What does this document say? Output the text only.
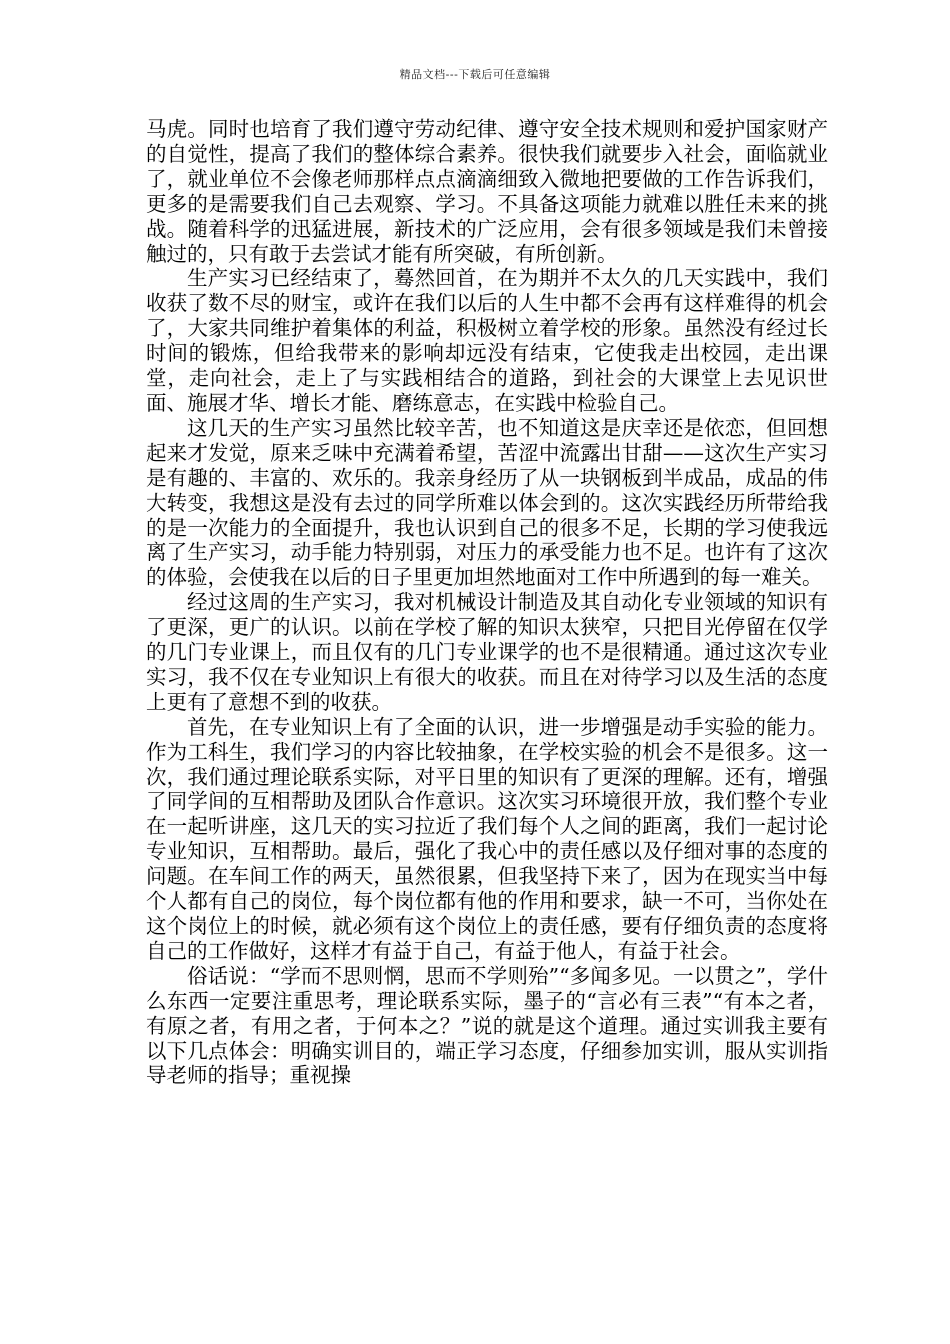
精品文档---下载后可任意编辑

马虎。同时也培育了我们遵守劳动纪律、遵守安全技术规则和爱护国家财产的自觉性，提高了我们的整体综合素养。很快我们就要步入社会，面临就业了，就业单位不会像老师那样点点滴滴细致入微地把要做的工作告诉我们，更多的是需要我们自己去观察、学习。不具备这项能力就难以胜任未来的挑战。随着科学的迅猛进展，新技术的广泛应用，会有很多领域是我们未曾接触过的，只有敢于去尝试才能有所突破，有所创新。

生产实习已经结束了，蓦然回首，在为期并不太久的几天实践中，我们收获了数不尽的财宝，或许在我们以后的人生中都不会再有这样难得的机会了，大家共同维护着集体的利益，积极树立着学校的形象。虽然没有经过长时间的锻炼，但给我带来的影响却远没有结束，它使我走出校园，走出课堂，走向社会，走上了与实践相结合的道路，到社会的大课堂上去见识世面、施展才华、增长才能、磨练意志，在实践中检验自己。

这几天的生产实习虽然比较辛苦，也不知道这是庆幸还是依恋，但回想起来才发觉，原来乏味中充满着希望，苦涩中流露出甘甜——这次生产实习是有趣的、丰富的、欢乐的。我亲身经历了从一块钢板到半成品，成品的伟大转变，我想这是没有去过的同学所难以体会到的。这次实践经历所带给我的是一次能力的全面提升，我也认识到自己的很多不足，长期的学习使我远离了生产实习，动手能力特别弱，对压力的承受能力也不足。也许有了这次的体验，会使我在以后的日子里更加坦然地面对工作中所遇到的每一难关。

经过这周的生产实习，我对机械设计制造及其自动化专业领域的知识有了更深，更广的认识。以前在学校了解的知识太狭窄，只把目光停留在仅学的几门专业课上，而且仅有的几门专业课学的也不是很精通。通过这次专业实习，我不仅在专业知识上有很大的收获。而且在对待学习以及生活的态度上更有了意想不到的收获。

首先，在专业知识上有了全面的认识，进一步增强是动手实验的能力。作为工科生，我们学习的内容比较抽象，在学校实验的机会不是很多。这一次，我们通过理论联系实际，对平日里的知识有了更深的理解。还有，增强了同学间的互相帮助及团队合作意识。这次实习环境很开放，我们整个专业在一起听讲座，这几天的实习拉近了我们每个人之间的距离，我们一起讨论专业知识，互相帮助。最后，强化了我心中的责任感以及仔细对事的态度的问题。在车间工作的两天，虽然很累，但我坚持下来了，因为在现实当中每个人都有自己的岗位，每个岗位都有他的作用和要求，缺一不可，当你处在这个岗位上的时候，就必须有这个岗位上的责任感，要有仔细负责的态度将自己的工作做好，这样才有益于自己，有益于他人，有益于社会。

俗话说：“学而不思则惘，思而不学则殆”“多闻多见。一以贯之”，学什么东西一定要注重思考，理论联系实际，墨子的“言必有三表”“有本之者，有原之者，有用之者，于何本之？”说的就是这个道理。通过实训我主要有以下几点体会：明确实训目的，端正学习态度，仔细参加实训，服从实训指导老师的指导；重视操
